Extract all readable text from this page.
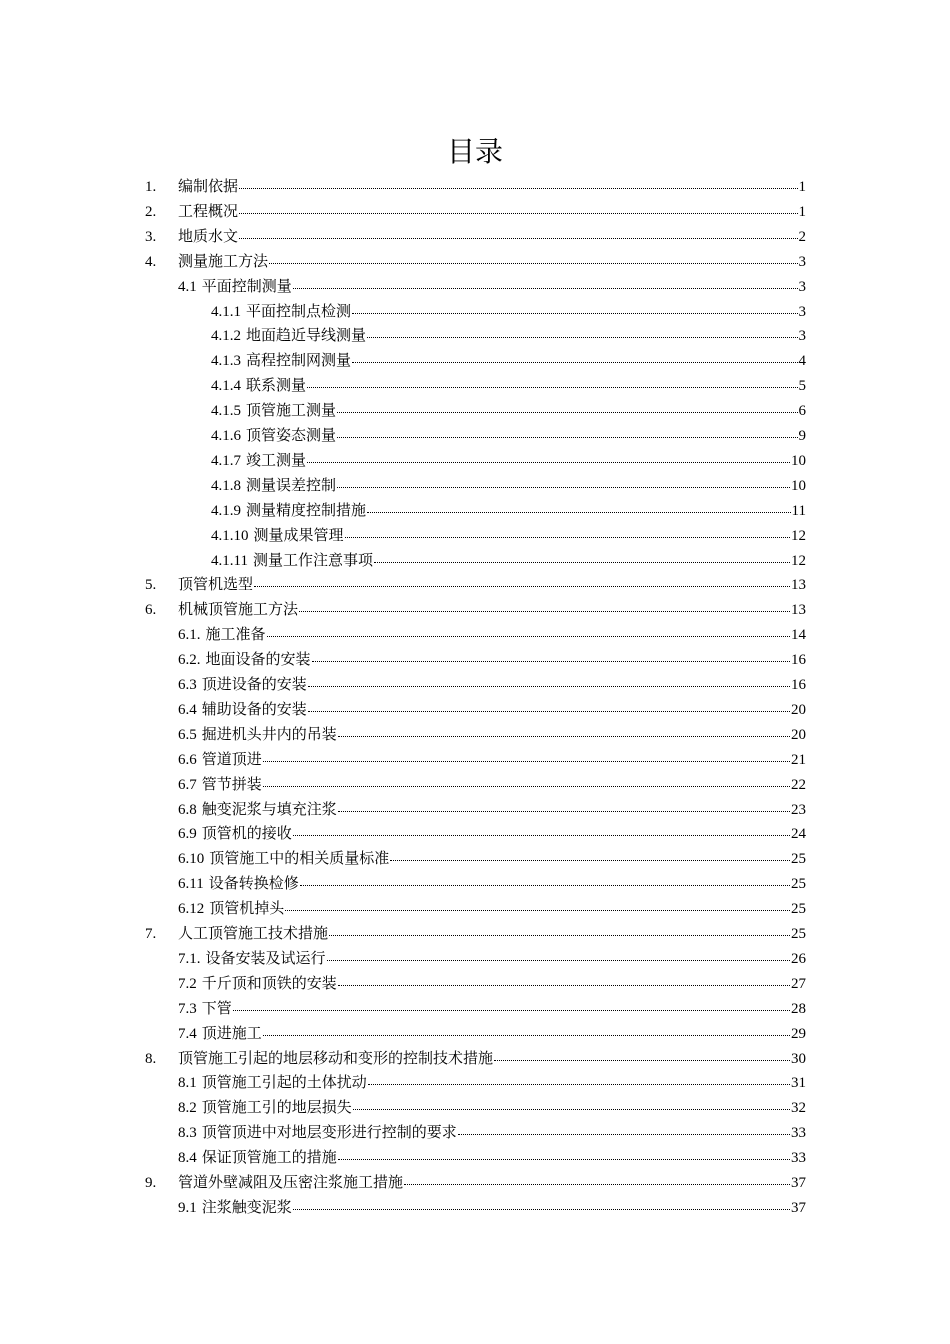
目录
1.	编制依据	1
2.	工程概况	1
3.	地质水文	2
4.	测量施工方法	3
4.1 平面控制测量	3
4.1.1 平面控制点检测	3
4.1.2 地面趋近导线测量	3
4.1.3 高程控制网测量	4
4.1.4 联系测量	5
4.1.5 顶管施工测量	6
4.1.6 顶管姿态测量	9
4.1.7 竣工测量	10
4.1.8 测量误差控制	10
4.1.9 测量精度控制措施	11
4.1.10 测量成果管理	12
4.1.11 测量工作注意事项	12
5.	顶管机选型	13
6.	机械顶管施工方法	13
6.1. 施工准备	14
6.2. 地面设备的安装	16
6.3 顶进设备的安装	16
6.4 辅助设备的安装	20
6.5 掘进机头井内的吊装	20
6.6 管道顶进	21
6.7 管节拼装	22
6.8 触变泥浆与填充注浆	23
6.9 顶管机的接收	24
6.10 顶管施工中的相关质量标准	25
6.11 设备转换检修	25
6.12 顶管机掉头	25
7.	人工顶管施工技术措施	25
7.1. 设备安装及试运行	26
7.2 千斤顶和顶铁的安装	27
7.3 下管	28
7.4 顶进施工	29
8.	顶管施工引起的地层移动和变形的控制技术措施	30
8.1 顶管施工引起的土体扰动	31
8.2 顶管施工引的地层损失	32
8.3 顶管顶进中对地层变形进行控制的要求	33
8.4 保证顶管施工的措施	33
9.	管道外壁减阻及压密注浆施工措施	37
9.1 注浆触变泥浆	37
